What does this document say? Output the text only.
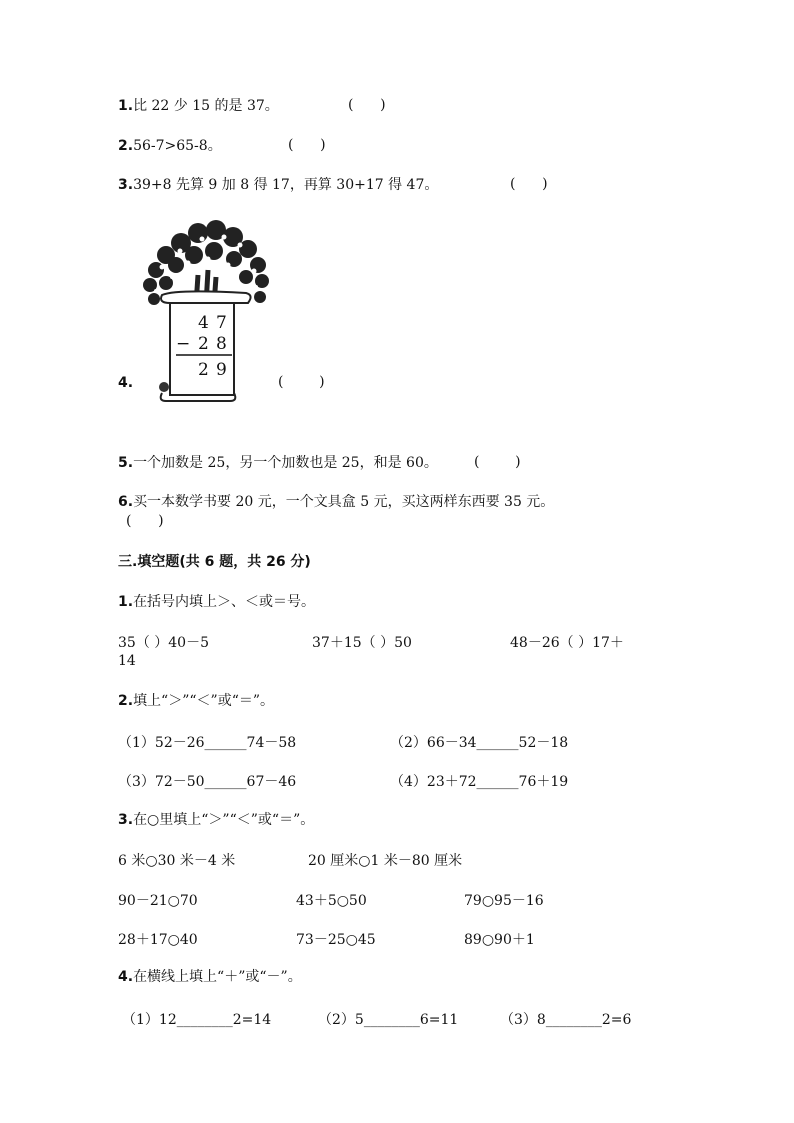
1.比 22 少 15 的是 37。	(      )
2.56-7>65-8。	(      )
3.39+8 先算 9 加 8 得 17，再算 30+17 得 47。	(      )
4 7
− 2 8
2 9
4.	(        )
5.一个加数是 25，另一个加数也是 25，和是 60。	(        )
6.买一本数学书要 20 元，一个文具盒 5 元，买这两样东西要 35 元。
(      )
三.填空题(共 6 题，共 26 分)
1.在括号内填上＞、＜或＝号。
35（ ）40－5	37＋15（ ）50	48－26（ ）17＋
14
2.填上“＞”“＜”或“＝”。
（1）52－26______74－58	（2）66－34______52－18
（3）72－50______67－46	（4）23＋72______76＋19
3.在○里填上“＞”“＜”或“＝”。
6 米○30 米－4 米	20 厘米○1 米－80 厘米
90－21○70	43＋5○50	79○95－16
28＋17○40	73－25○45	89○90＋1
4.在横线上填上“＋”或“－”。
（1）12________2=14	（2）5________6=11	（3）8________2=6
